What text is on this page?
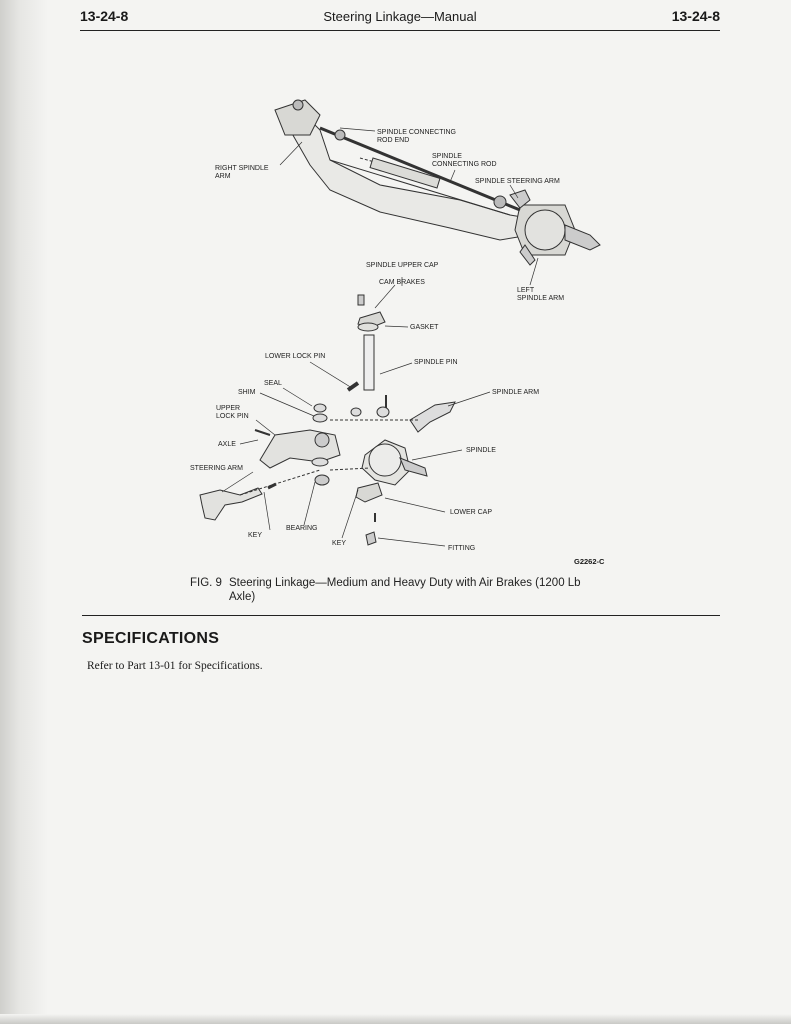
13-24-8	Steering Linkage—Manual	13-24-8
SPINDLE CONNECTING ROD END
RIGHT SPINDLE ARM
SPINDLE CONNECTING ROD
SPINDLE STEERING ARM
LEFT SPINDLE ARM
SPINDLE UPPER CAP
CAM BRAKES
GASKET
LOWER LOCK PIN
SPINDLE PIN
SEAL
SHIM
UPPER LOCK PIN
SPINDLE ARM
AXLE
SPINDLE
STEERING ARM
LOWER CAP
BEARING
KEY
KEY
FITTING
G2262-C
FIG. 9 Steering Linkage—Medium and Heavy Duty with Air Brakes (1200 Lb
Axle)
SPECIFICATIONS
Refer to Part 13-01 for Specifications.
